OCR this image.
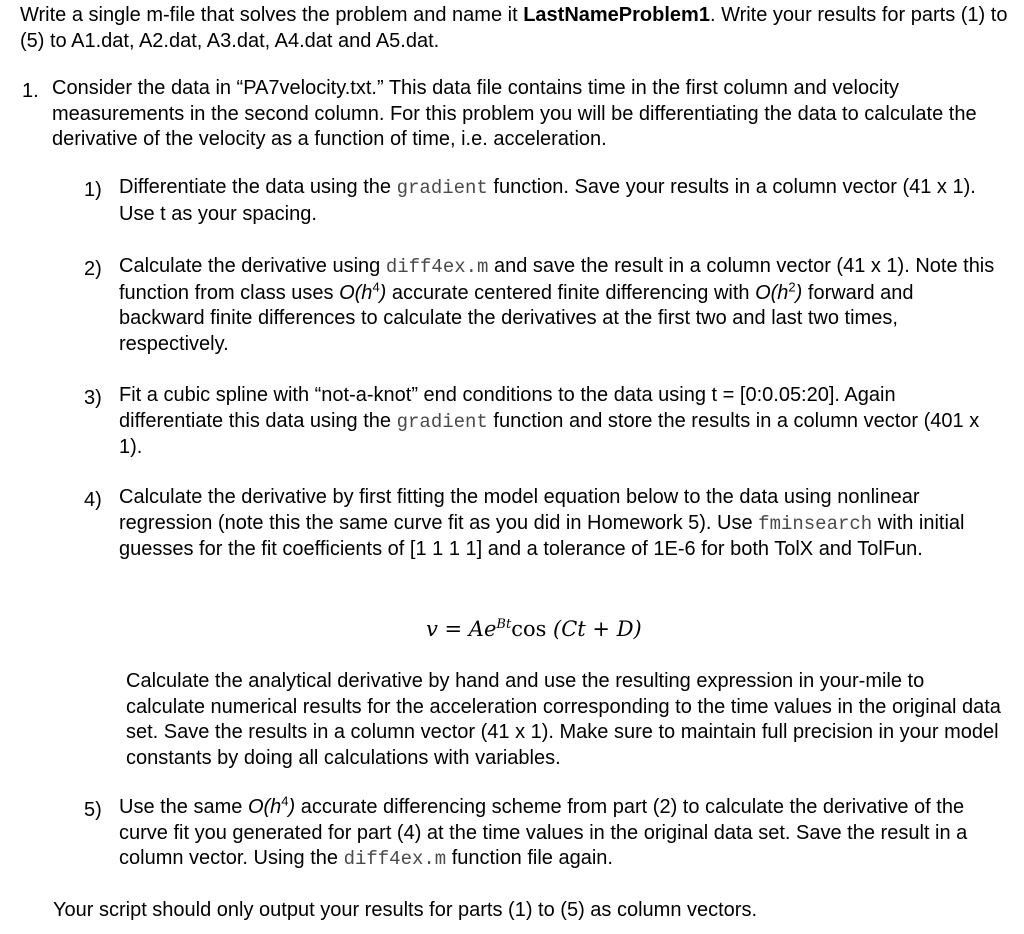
Write a single m-file that solves the problem and name it LastNameProblem1. Write your results for parts (1) to (5) to A1.dat, A2.dat, A3.dat, A4.dat and A5.dat.

1. Consider the data in “PA7velocity.txt.” This data file contains time in the first column and velocity measurements in the second column. For this problem you will be differentiating the data to calculate the derivative of the velocity as a function of time, i.e. acceleration.

1) Differentiate the data using the gradient function. Save your results in a column vector (41 x 1). Use t as your spacing.

2) Calculate the derivative using diff4ex.m and save the result in a column vector (41 x 1). Note this function from class uses $O(h^4)$ accurate centered finite differencing with $O(h^2)$ forward and backward finite differences to calculate the derivatives at the first two and last two times, respectively.

3) Fit a cubic spline with “not-a-knot” end conditions to the data using t = [0:0.05:20]. Again differentiate this data using the gradient function and store the results in a column vector (401 x 1).

4) Calculate the derivative by first fitting the model equation below to the data using nonlinear regression (note this the same curve fit as you did in Homework 5). Use fminsearch with initial guesses for the fit coefficients of [1 1 1 1] and a tolerance of 1E-6 for both TolX and TolFun.

$v = Ae^{Bt}\cos$ (Ct + D)

Calculate the analytical derivative by hand and use the resulting expression in your-mile to calculate numerical results for the acceleration corresponding to the time values in the original data set. Save the results in a column vector (41 x 1). Make sure to maintain full precision in your model constants by doing all calculations with variables.

5) Use the same $O(h^4)$ accurate differencing scheme from part (2) to calculate the derivative of the curve fit you generated for part (4) at the time values in the original data set. Save the result in a column vector. Using the diff4ex.m function file again.

Your script should only output your results for parts (1) to (5) as column vectors.
